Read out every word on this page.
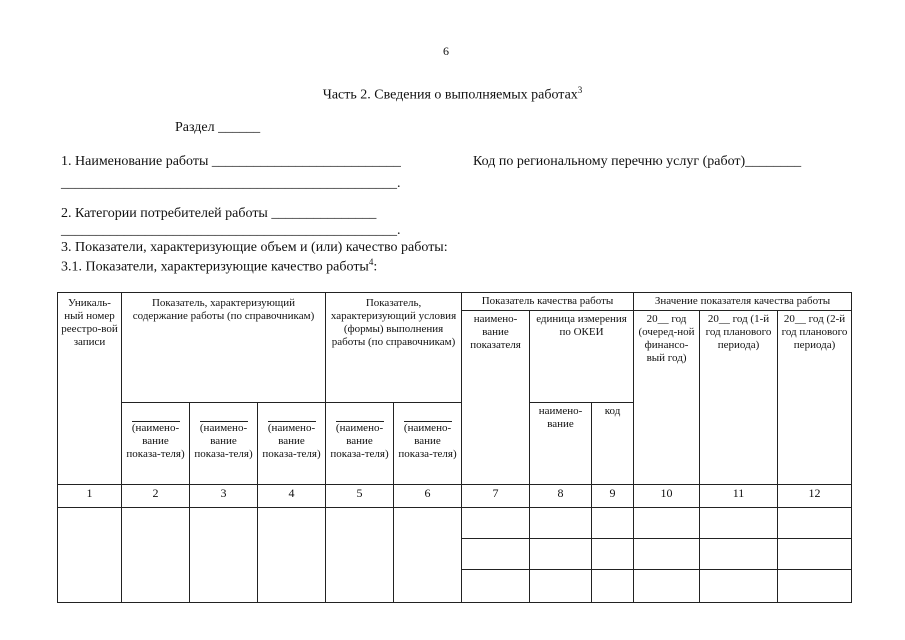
6
Часть 2. Сведения о выполняемых работах$^3$
Раздел ______
1. Наименование работы ___________________________	Код по региональному перечню услуг (работ)________
________________________________________________.
2. Категории потребителей работы _______________
________________________________________________.
3. Показатели, характеризующие объем и (или) качество работы:
3.1. Показатели, характеризующие качество работы$^4$:
Уникаль-ный номер реестро-вой записи	Показатель, характеризующий содержание работы (по справочникам)			Показатель, характеризующий условия (формы) выполнения работы (по справочникам)		Показатель качества работы			Значение показателя качества работы		
						наимено-вание показателя	единица измерения по ОКЕИ		20__ год (очеред-ной финансо-вый год)	20__ год (1-й год планового периода)	20__ год (2-й год планового периода)

	(наимено-вание показа-теля)	(наимено-вание показа-теля)	(наимено-вание показа-теля)	(наимено-вание показа-теля)	(наимено-вание показа-теля)		наимено-вание	код			
1	2	3	4	5	6	7	8	9	10	11	12
